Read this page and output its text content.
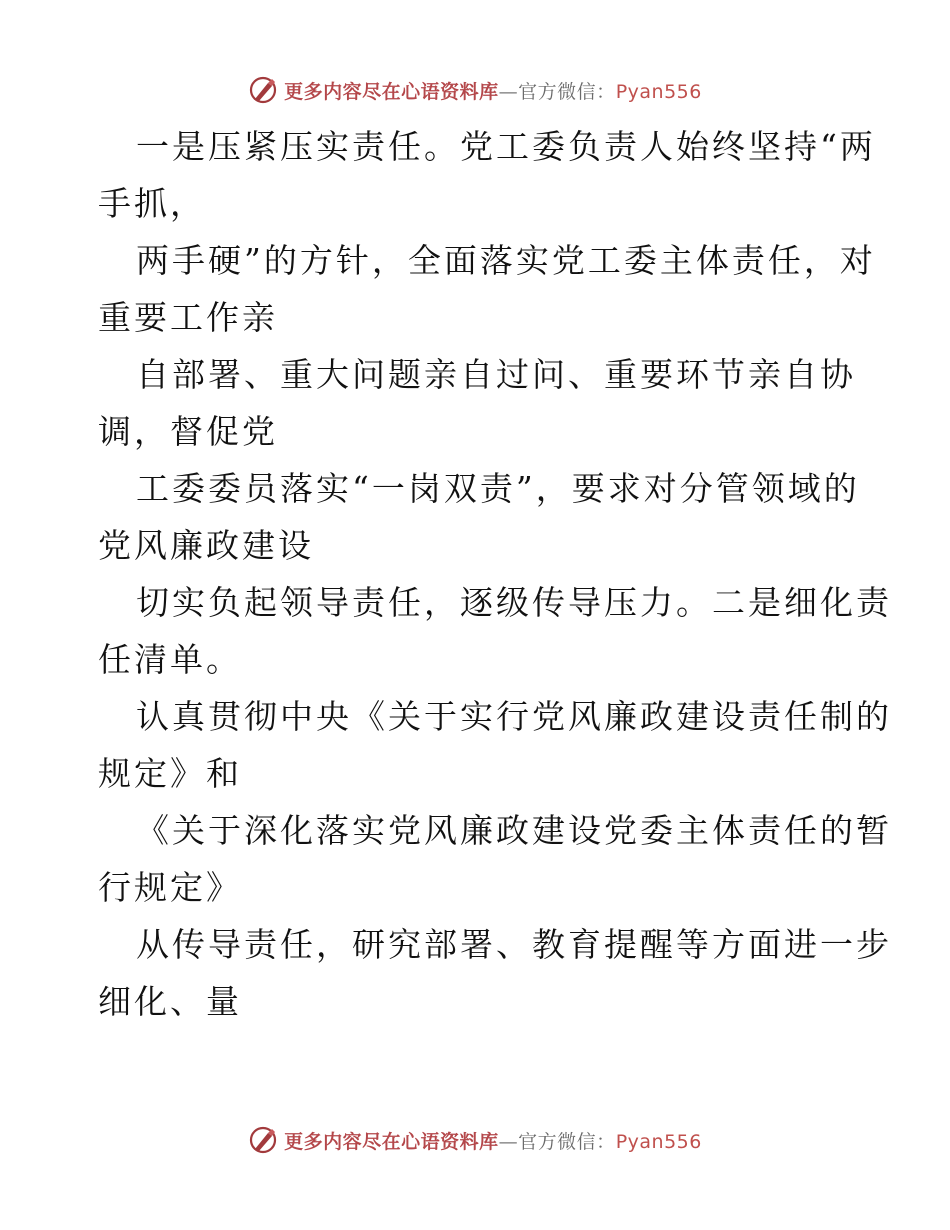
更多内容尽在心语资料库—官方微信：Pyan556

一是压紧压实责任。党工委负责人始终坚持“两
手抓，

两手硬”的方针，全面落实党工委主体责任，对
重要工作亲

自部署、重大问题亲自过问、重要环节亲自协
调，督促党

工委委员落实“一岗双责”，要求对分管领域的
党风廉政建设

切实负起领导责任，逐级传导压力。二是细化责
任清单。

认真贯彻中央《关于实行党风廉政建设责任制的
规定》和

《关于深化落实党风廉政建设党委主体责任的暂
行规定》

从传导责任，研究部署、教育提醒等方面进一步
细化、量

更多内容尽在心语资料库—官方微信：Pyan556
